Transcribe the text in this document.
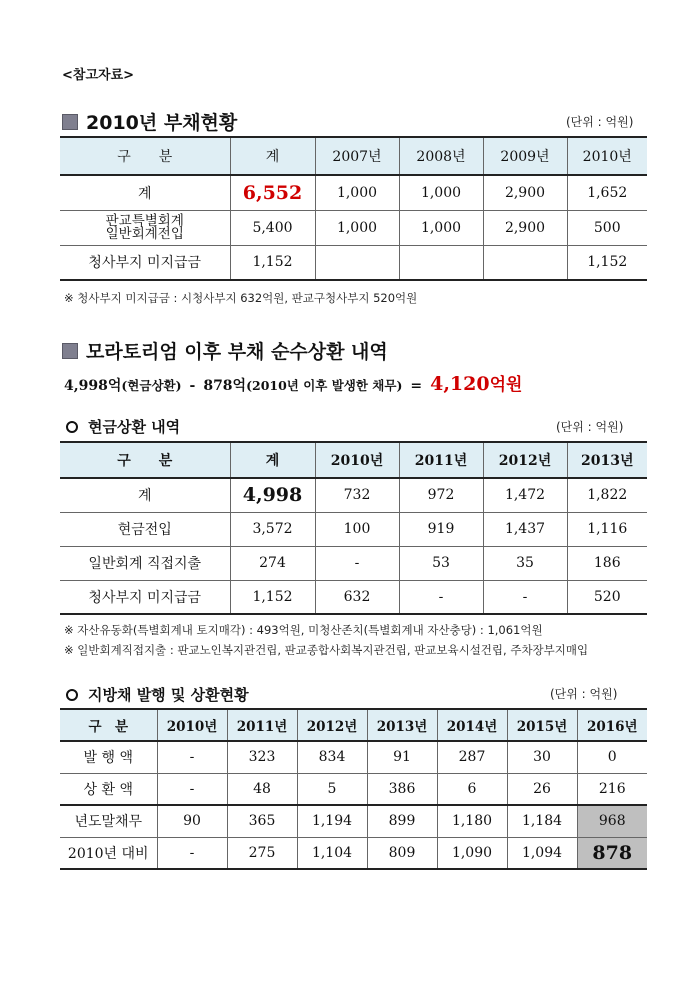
<참고자료>
2010년 부채현황	(단위 : 억원)
구　　분	계	2007년	2008년	2009년	2010년
계	6,552	1,000	1,000	2,900	1,652

판교특별회계
일반회계전입	5,400	1,000	1,000	2,900	500
청사부지 미지급금	1,152				1,152
※ 청사부지 미지급금 : 시청사부지 632억원, 판교구청사부지 520억원
모라토리엄 이후 부채 순수상환 내역
4,998억 (현금상환) - 878억 (2010년 이후 발생한 채무) = 4,120 억원
현금상환 내역	(단위 : 억원)
구　　분	계	2010년	2011년	2012년	2013년
계	4,998	732	972	1,472	1,822
현금전입	3,572	100	919	1,437	1,116
일반회계 직접지출	274	-	53	35	186
청사부지 미지급금	1,152	632	-	-	520
※ 자산유동화(특별회계내 토지매각) : 493억원, 미청산존치(특별회계내 자산충당) : 1,061억원
※ 일반회계직접지출 : 판교노인복지관건립, 판교종합사회복지관건립, 판교보육시설건립, 주차장부지매입
지방채 발행 및 상환현황	(단위 : 억원)
구　분	2010년	2011년	2012년	2013년	2014년	2015년	2016년
발 행 액	-	323	834	91	287	30	0
상 환 액	-	48	5	386	6	26	216
년도말채무	90	365	1,194	899	1,180	1,184	968
2010년 대비	-	275	1,104	809	1,090	1,094	878
